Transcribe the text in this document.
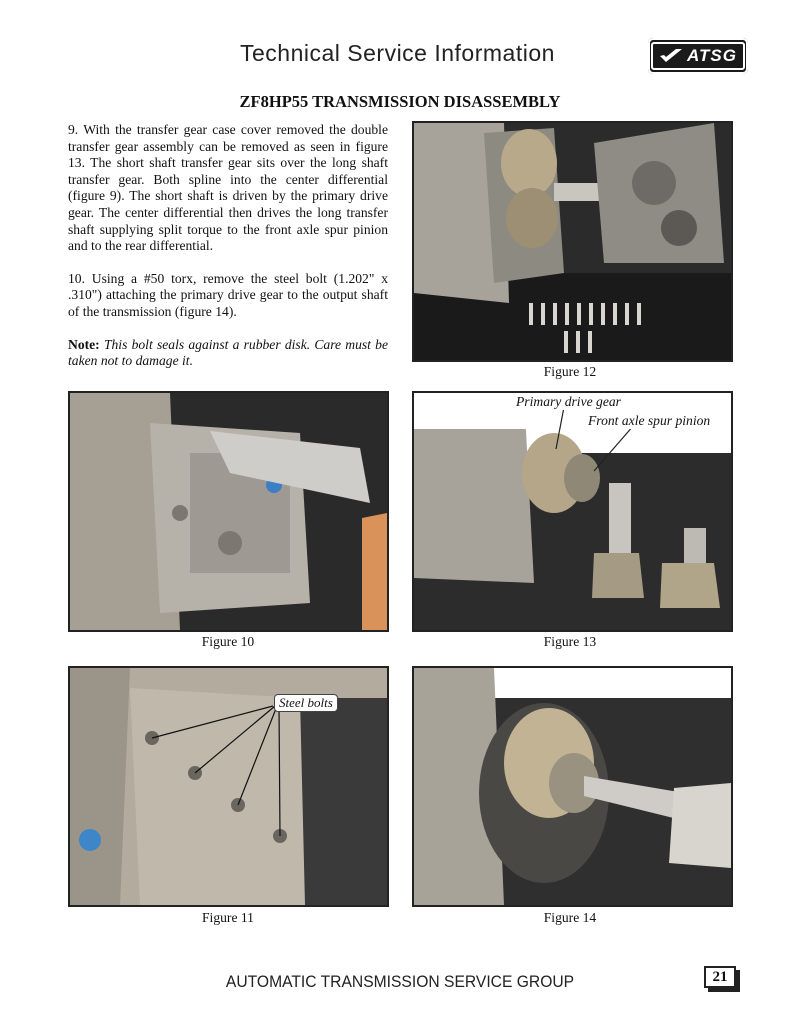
Technical Service Information	ATSG
ZF8HP55 TRANSMISSION DISASSEMBLY

9. With the transfer gear case cover removed the double transfer gear assembly can be removed as seen in figure 13. The short shaft transfer gear sits over the long shaft transfer gear. Both spline into the center differential (figure 9). The short shaft is driven by the primary drive gear. The center differential then drives the long transfer shaft supplying split torque to the front axle spur pinion and to the rear differential.

10. Using a #50 torx, remove the steel bolt (1.202" x .310") attaching the primary drive gear to the output shaft of the transmission (figure 14).

Note: This bolt seals against a rubber disk. Care must be taken not to damage it.

Figure 12
Figure 10
Primary drive gear
Front axle spur pinion
Figure 13
Steel bolts
Figure 11	Figure 14
AUTOMATIC TRANSMISSION SERVICE GROUP	21
